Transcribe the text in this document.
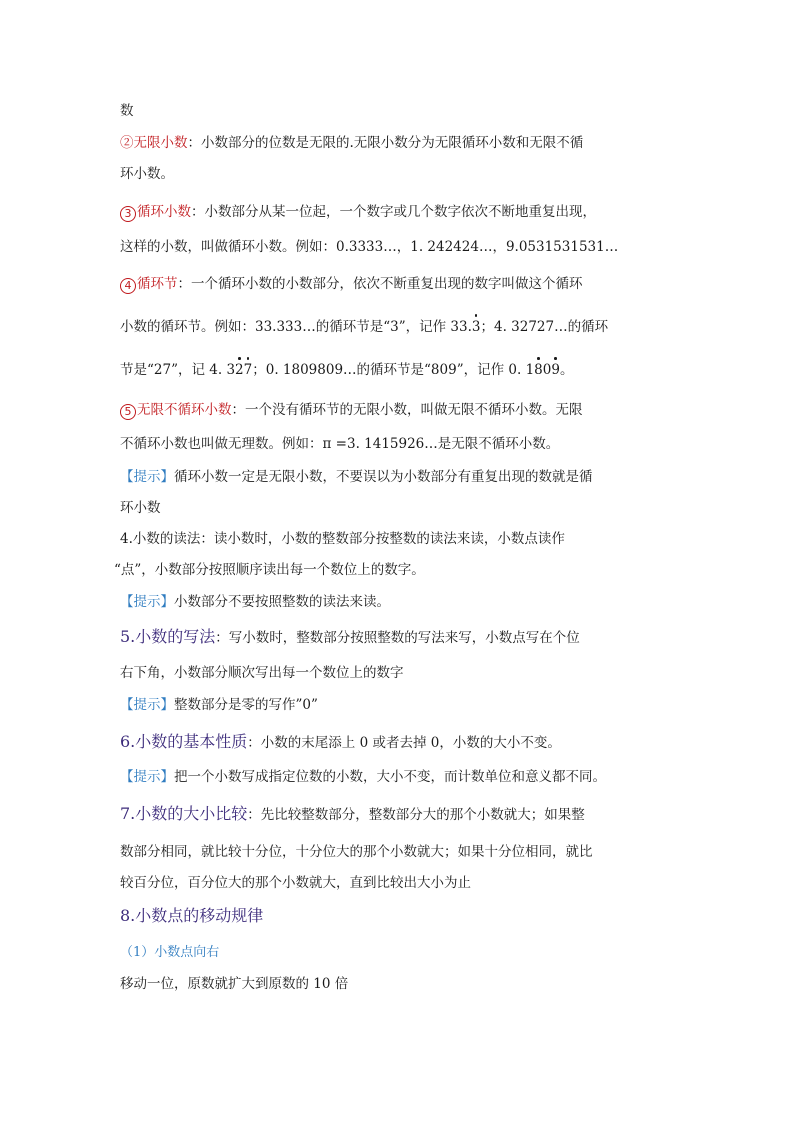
数
②无限小数：小数部分的位数是无限的.无限小数分为无限循环小数和无限不循
环小数。
3 循环小数：小数部分从某一位起，一个数字或几个数字依次不断地重复出现，
这样的小数，叫做循环小数。例如：0.3333…，1. 242424…，9.0531531531…
4 循环节：一个循环小数的小数部分，依次不断重复出现的数字叫做这个循环
小数的循环节。例如：33.333…的循环节是“3”，记作 33.3；4. 32727…的循环
节是“27”，记 4. 327；0. 1809809…的循环节是“809”，记作 0. 1809。
5 无限不循环小数：一个没有循环节的无限小数，叫做无限不循环小数。无限
不循环小数也叫做无理数。例如：π =3. 1415926…是无限不循环小数。
【提示】循环小数一定是无限小数，不要误以为小数部分有重复出现的数就是循
环小数
4.小数的读法：读小数时，小数的整数部分按整数的读法来读，小数点读作
“点”，小数部分按照顺序读出每一个数位上的数字。
【提示】小数部分不要按照整数的读法来读。
5.小数的写法：写小数时，整数部分按照整数的写法来写，小数点写在个位
右下角，小数部分顺次写出每一个数位上的数字
【提示】整数部分是零的写作”0”
6.小数的基本性质：小数的末尾添上 0 或者去掉 0，小数的大小不变。
【提示】把一个小数写成指定位数的小数，大小不变，而计数单位和意义都不同。
7.小数的大小比较：先比较整数部分，整数部分大的那个小数就大；如果整
数部分相同，就比较十分位，十分位大的那个小数就大；如果十分位相同，就比
较百分位，百分位大的那个小数就大，直到比较出大小为止
8.小数点的移动规律
（1）小数点向右
移动一位，原数就扩大到原数的 10 倍
